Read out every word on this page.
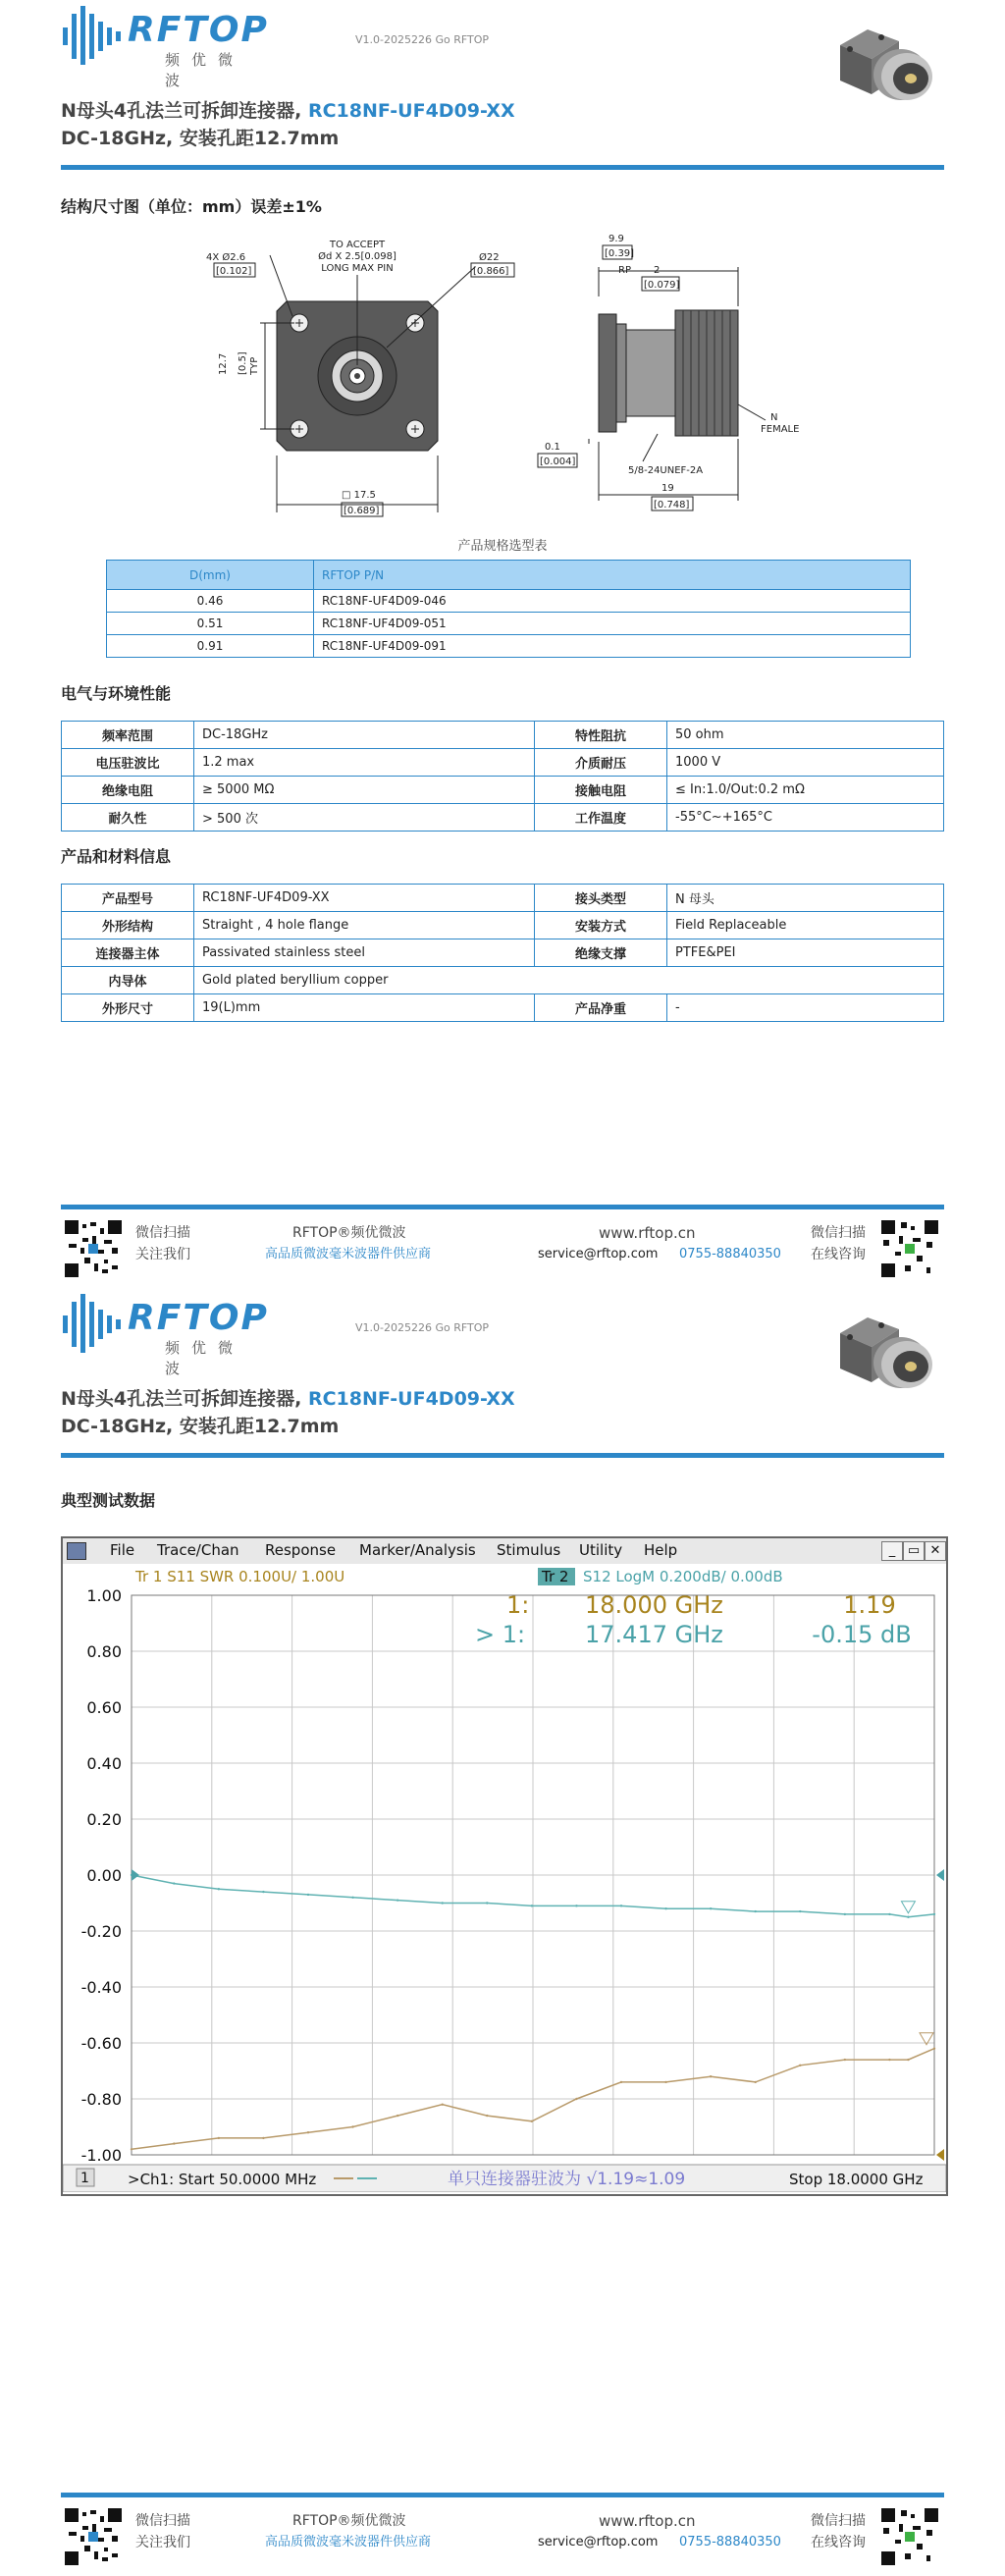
RFTOP
频优微波
V1.0-2025226 Go RFTOP
N母头4孔法兰可拆卸连接器, RC18NF-UF4D09-XX
DC-18GHz, 安装孔距12.7mm
结构尺寸图（单位：mm）误差±1%
4X Ø2.6
[0.102]
TO ACCEPT
Ød X 2.5[0.098]
LONG MAX PIN
Ø22
[0.866]
12.7 [0.5] TYP
□ 17.5
[0.689]
9.9
[0.39]
RP 2
[0.079]
N
FEMALE
0.1
[0.004]
5/8-24UNEF-2A
19
[0.748]
产品规格选型表
D(mm)	RFTOP P/N
0.46	RC18NF-UF4D09-046
0.51	RC18NF-UF4D09-051
0.91	RC18NF-UF4D09-091
电气与环境性能
频率范围	DC-18GHz	特性阻抗	50 ohm
电压驻波比	1.2 max	介质耐压	1000 V
绝缘电阻	≥ 5000 MΩ	接触电阻	≤ In:1.0/Out:0.2 mΩ
耐久性	> 500 次	工作温度	-55°C~+165°C
产品和材料信息
产品型号	RC18NF-UF4D09-XX	接头类型	N 母头
外形结构	Straight , 4 hole flange	安装方式	Field Replaceable
连接器主体	Passivated stainless steel	绝缘支撑	PTFE&PEI
内导体	Gold plated beryllium copper		
外形尺寸	19(L)mm	产品净重	-
微信扫描
关注我们
RFTOP®频优微波
高品质微波毫米波器件供应商
www.rftop.cn
service@rftop.com 0755-88840350
微信扫描
在线咨询
RFTOP
频优微波
V1.0-2025226 Go RFTOP
N母头4孔法兰可拆卸连接器, RC18NF-UF4D09-XX
DC-18GHz, 安装孔距12.7mm
典型测试数据
微信扫描
关注我们
RFTOP®频优微波
高品质微波毫米波器件供应商
www.rftop.cn
service@rftop.com 0755-88840350
微信扫描
在线咨询
File Trace/Chan Response Marker/Analysis Stimulus Utility Help	_ ▭ ✕
Tr 1 S11 SWR 0.100U/ 1.00U	Tr 2 S12 LogM 0.200dB/ 0.00dB
1.00
0.80
0.60
0.40
0.20
0.00
-0.20
-0.40
-0.60
-0.80
-1.00
1: 18.000 GHz	1.19
> 1:	17.417 GHz	-0.15 dB
1	>Ch1: Start 50.0000 MHz	单只连接器驻波为 √1.19≈1.09	Stop 18.0000 GHz
